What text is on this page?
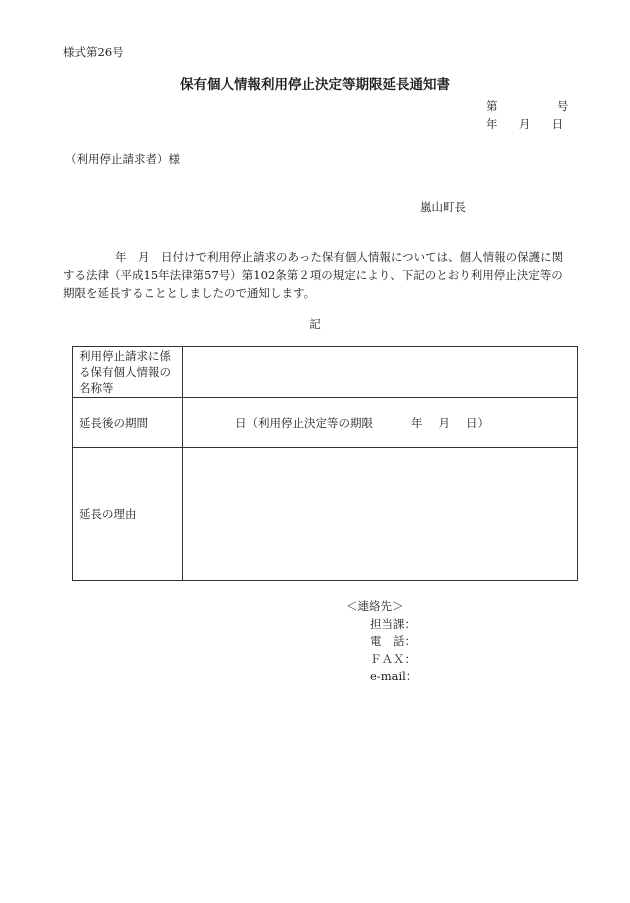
様式第26号
保有個人情報利用停止決定等期限延長通知書
第	号
年 月 日
（利用停止請求者）様
嵐山町長
年　月　日付けで利用停止請求のあった保有個人情報については、個人情報の保護に関
する法律（平成15年法律第57号）第102条第２項の規定により、下記のとおり利用停止決定等の
期限を延長することとしましたので通知します。
記
利用停止請求に係る保有個人情報の名称等	
延長後の期間	日（利用停止決定等の期限 年 月 日）
延長の理由	
＜連絡先＞
担当課：
電　話：
ＦＡＸ：
e-mail：
